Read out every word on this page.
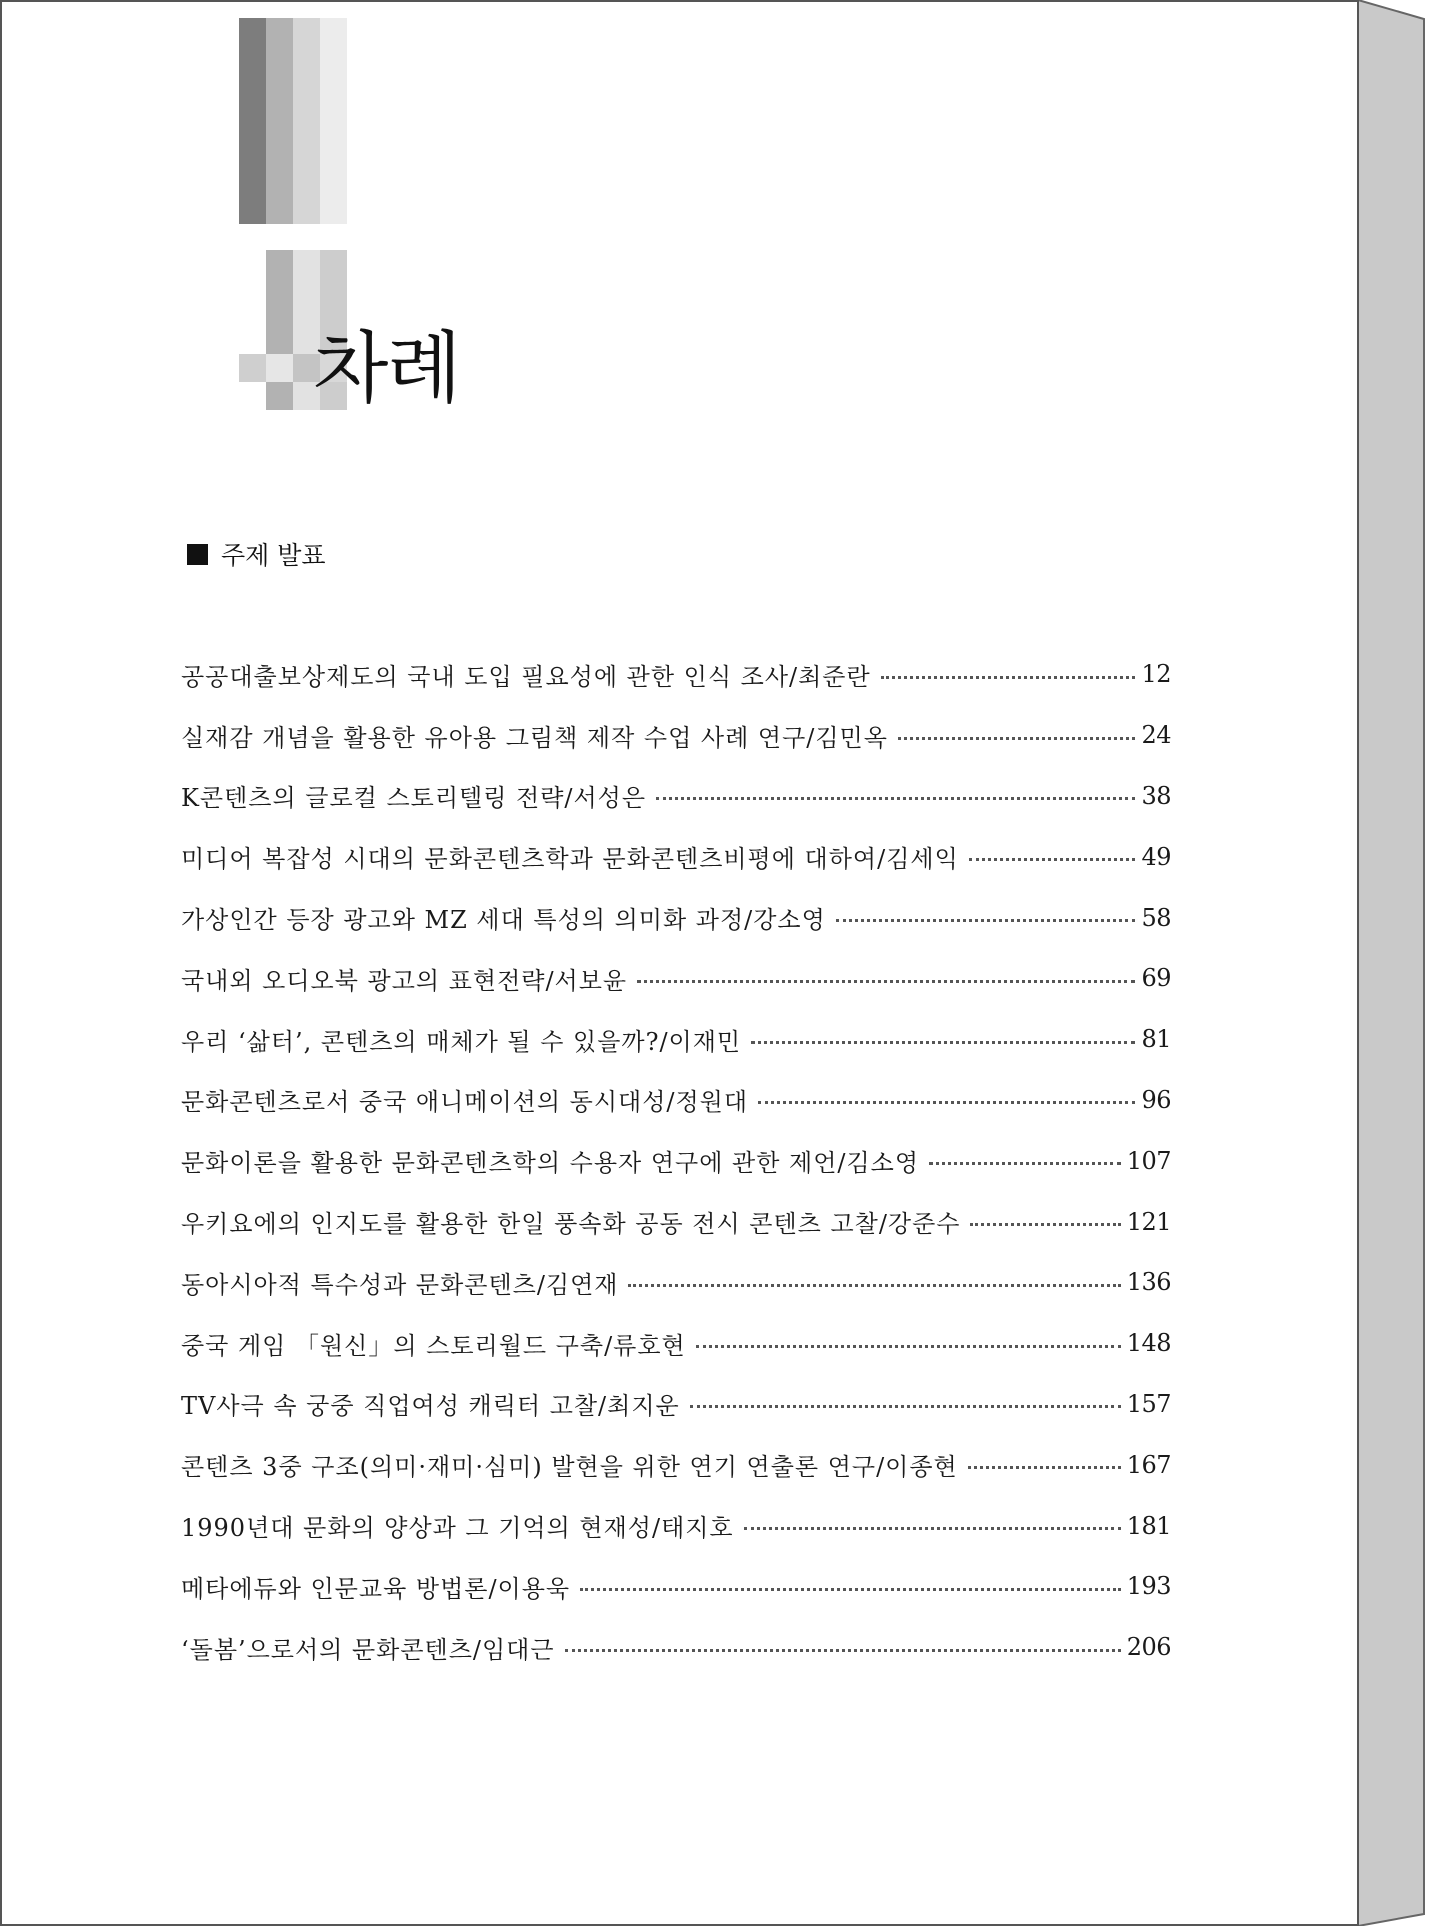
차례
주제 발표
공공대출보상제도의 국내 도입 필요성에 관한 인식 조사/최준란	12
실재감 개념을 활용한 유아용 그림책 제작 수업 사례 연구/김민옥	24
K콘텐츠의 글로컬 스토리텔링 전략/서성은	38
미디어 복잡성 시대의 문화콘텐츠학과 문화콘텐츠비평에 대하여/김세익	49
가상인간 등장 광고와 MZ 세대 특성의 의미화 과정/강소영	58
국내외 오디오북 광고의 표현전략/서보윤	69
우리 ‘삶터’, 콘텐츠의 매체가 될 수 있을까?/이재민	81
문화콘텐츠로서 중국 애니메이션의 동시대성/정원대	96
문화이론을 활용한 문화콘텐츠학의 수용자 연구에 관한 제언/김소영	107
우키요에의 인지도를 활용한 한일 풍속화 공동 전시 콘텐츠 고찰/강준수	121
동아시아적 특수성과 문화콘텐츠/김연재	136
중국 게임 「원신」의 스토리월드 구축/류호현	148
TV사극 속 궁중 직업여성 캐릭터 고찰/최지운	157
콘텐츠 3중 구조(의미·재미·심미) 발현을 위한 연기 연출론 연구/이종현	167
1990년대 문화의 양상과 그 기억의 현재성/태지호	181
메타에듀와 인문교육 방법론/이용욱	193
‘돌봄’으로서의 문화콘텐츠/임대근	206
